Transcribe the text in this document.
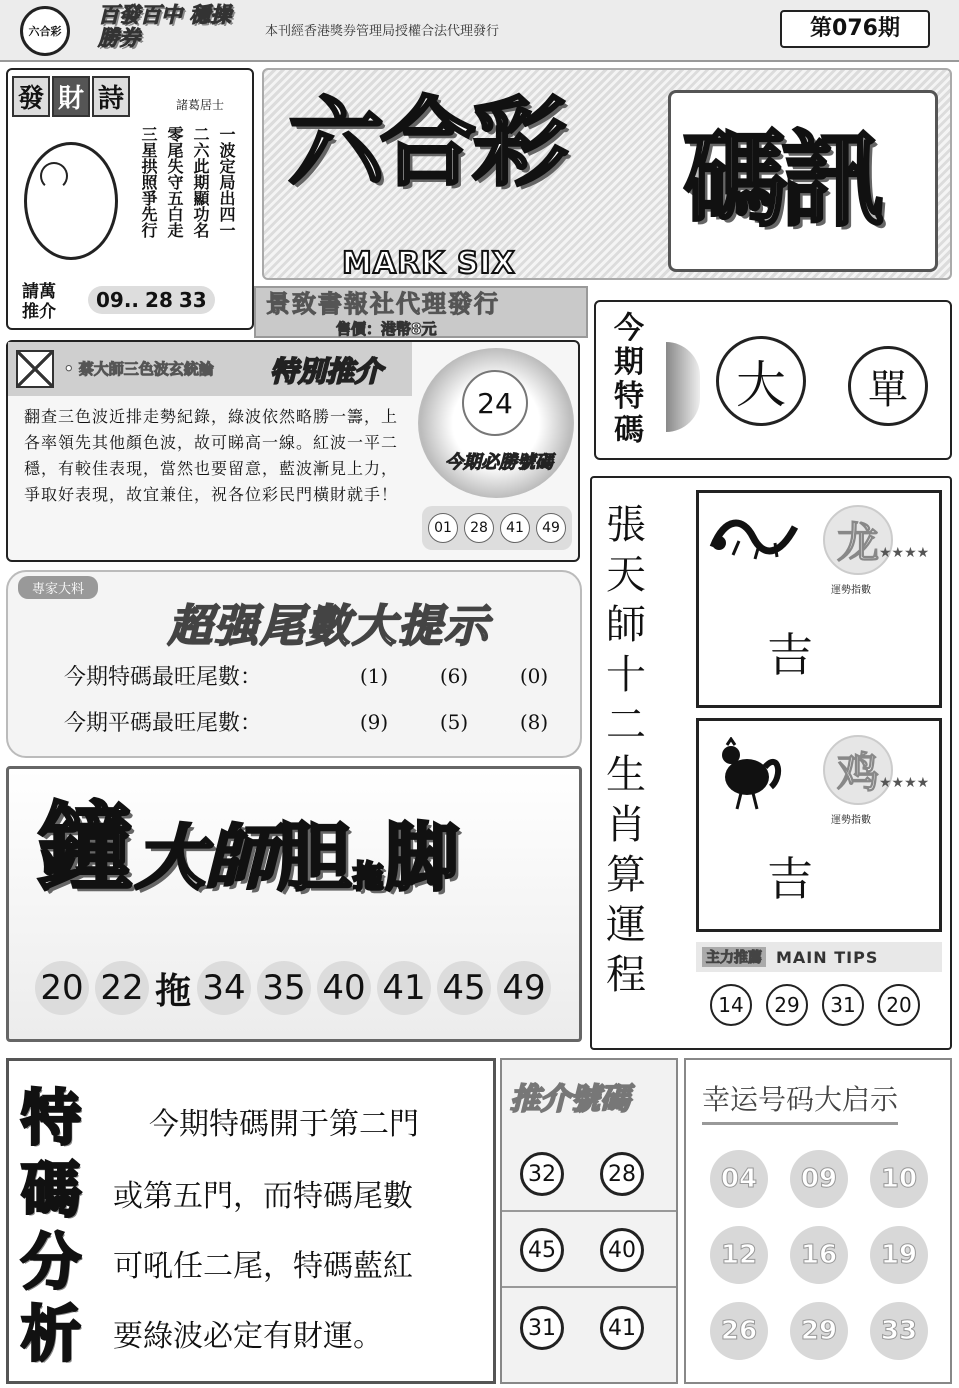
六合彩
百發百中 穩操勝券	本刊經香港獎券管理局授權合法代理發行	第076期
發 財 詩	諸葛居士
一波定局出四一
二六此期顯功名
零尾失守五白走
三星拱照爭先行
請萬 推介	09.. 28 33
六合彩 碼訊
MARK SIX
景致書報社代理發行
售價：港幣8元	今
期
特
碼
大 單
• 蔡大師三色波玄統論 特別推介
翻查三色波近排走勢紀錄，綠波依然略勝一籌，上各率領先其他顏色波，故可睇高一線。紅波一平二穩，有較佳表現，當然也要留意，藍波漸見上力，爭取好表現，故宜兼住，祝各位彩民門橫財就手！
24
今期必勝號碼
01	28	41	49
專家大料
超强尾數大提示
今期特碼最旺尾數：	(1)	(6)	(0)
今期平碼最旺尾數：	(9)	(5)	(8)
張
天
師
十
二
生
肖
算
運
程
龙 ★★★★
運勢指數
吉
鸡 ★★★★
運勢指數
吉
主力推薦 MAIN TIPS
14	29	31	20
鐘 大師 胆 拖 脚
20 22 拖 34 35 40 41 45 49
特
碼
分
析
今期特碼開于第二門
或第五門，而特碼尾數
可吼任二尾，特碼藍紅
要綠波必定有財運。
推介號碼
32	28
45	40
31	41
幸运号码大启示
04	09	10
12	16	19
26	29	33
